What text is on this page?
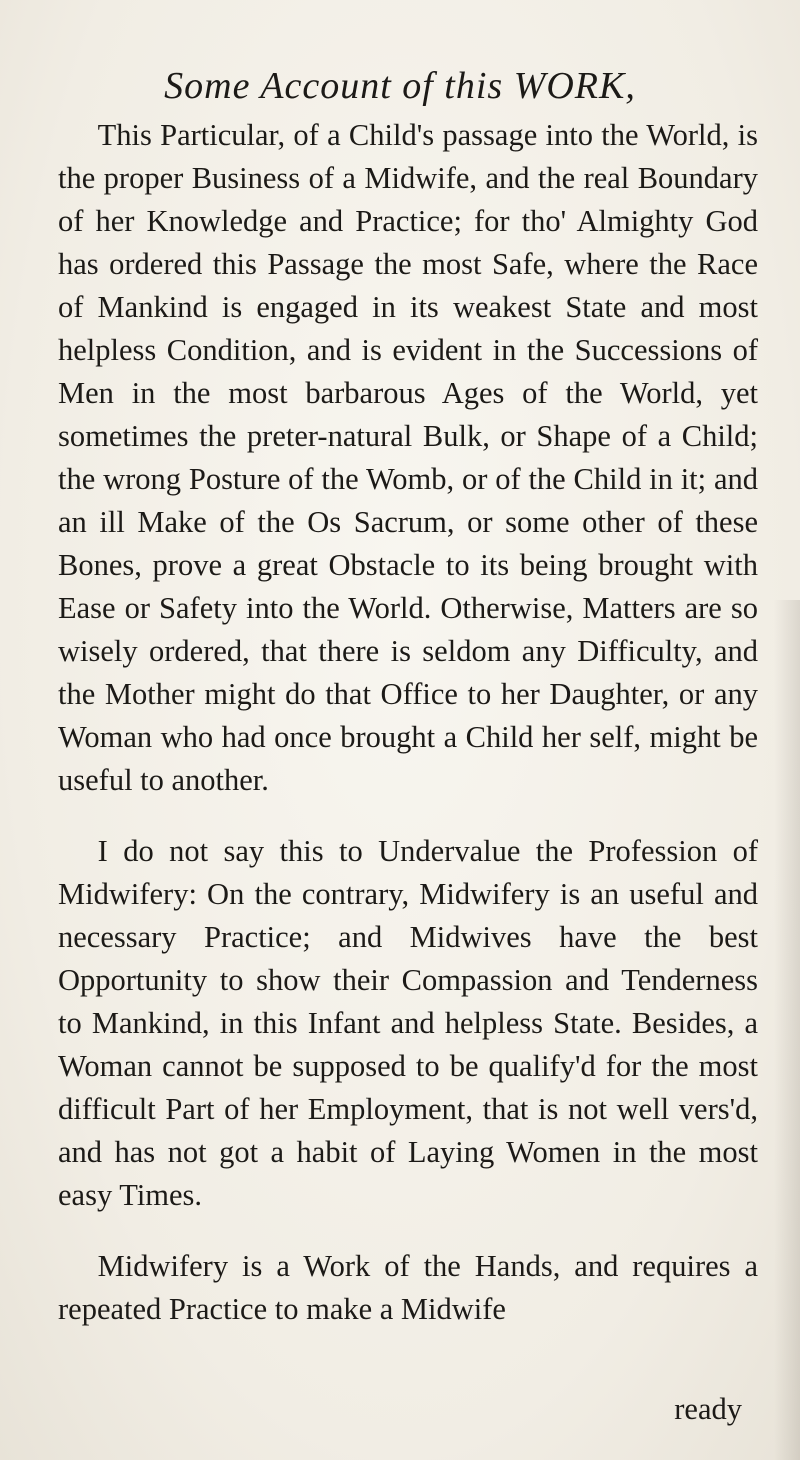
Some Account of this WORK,

This Particular, of a Child's passage into the World, is the proper Business of a Midwife, and the real Boundary of her Knowledge and Practice; for tho' Almighty God has ordered this Passage the most Safe, where the Race of Mankind is engaged in its weakest State and most helpless Condition, and is evident in the Successions of Men in the most barbarous Ages of the World, yet sometimes the preter-natural Bulk, or Shape of a Child; the wrong Posture of the Womb, or of the Child in it; and an ill Make of the Os Sacrum, or some other of these Bones, prove a great Obstacle to its being brought with Ease or Safety into the World. Otherwise, Matters are so wisely ordered, that there is seldom any Difficulty, and the Mother might do that Office to her Daughter, or any Woman who had once brought a Child her self, might be useful to another.

I do not say this to Undervalue the Profession of Midwifery: On the contrary, Midwifery is an useful and necessary Practice; and Midwives have the best Opportunity to show their Compassion and Tenderness to Mankind, in this Infant and helpless State. Besides, a Woman cannot be supposed to be qualify'd for the most difficult Part of her Employment, that is not well vers'd, and has not got a habit of Laying Women in the most easy Times.

Midwifery is a Work of the Hands, and requires a repeated Practice to make a Midwife

ready
